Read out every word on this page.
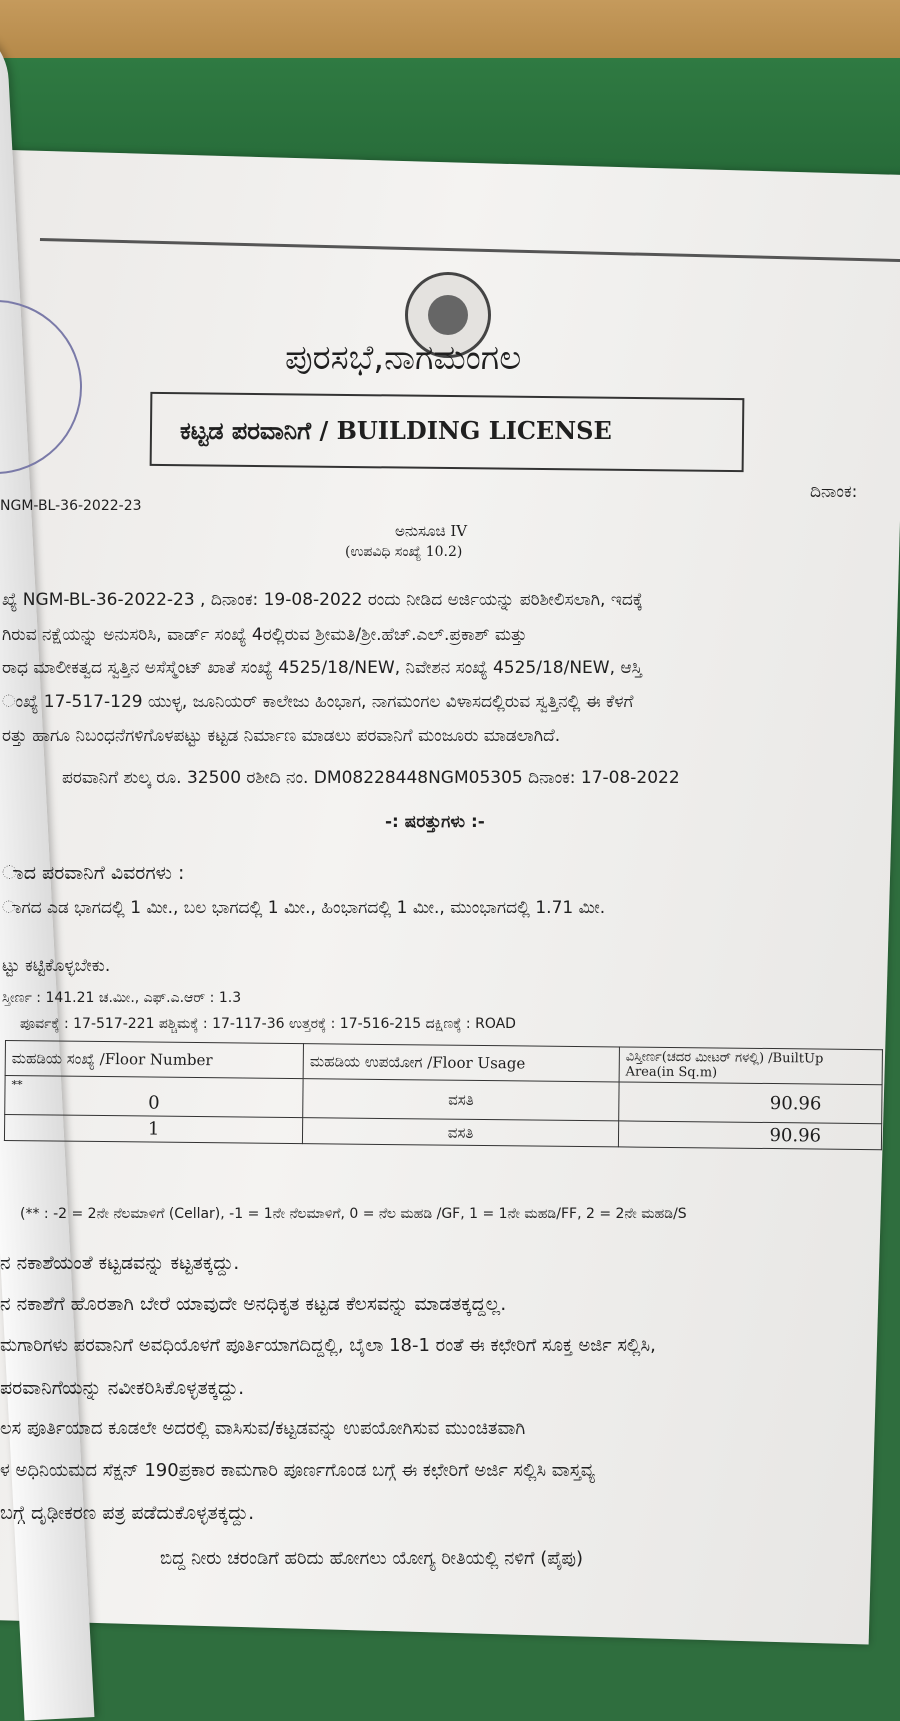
ಪುರಸಭೆ,ನಾಗಮಂಗಲ
ಕಟ್ಟಡ ಪರವಾನಿಗೆ / BUILDING LICENSE
ದಿನಾಂಕ:
NGM-BL-36-2022-23
ಅನುಸೂಚಿ IV
(ಉಪವಿಧಿ ಸಂಖ್ಯೆ 10.2)
ಖ್ಯೆ NGM-BL-36-2022-23 , ದಿನಾಂಕ: 19-08-2022 ರಂದು ನೀಡಿದ ಅರ್ಜಿಯನ್ನು ಪರಿಶೀಲಿಸಲಾಗಿ, ಇದಕ್ಕೆ
ಗಿರುವ ನಕ್ಷೆಯನ್ನು ಅನುಸರಿಸಿ, ವಾರ್ಡ್ ಸಂಖ್ಯೆ 4ರಲ್ಲಿರುವ ಶ್ರೀಮತಿ/ಶ್ರೀ.ಹೆಚ್.ಎಲ್.ಪ್ರಕಾಶ್ ಮತ್ತು
ರಾಧ ಮಾಲೀಕತ್ವದ ಸ್ವತ್ತಿನ ಅಸೆಸ್ಮೆಂಟ್ ಖಾತೆ ಸಂಖ್ಯೆ 4525/18/NEW, ನಿವೇಶನ ಸಂಖ್ಯೆ 4525/18/NEW, ಆಸ್ತಿ
ಂಖ್ಯೆ 17-517-129 ಯುಳ್ಳ, ಜೂನಿಯರ್ ಕಾಲೇಜು ಹಿಂಭಾಗ, ನಾಗಮಂಗಲ ವಿಳಾಸದಲ್ಲಿರುವ ಸ್ವತ್ತಿನಲ್ಲಿ ಈ ಕೆಳಗೆ
ರತ್ತು ಹಾಗೂ ನಿಬಂಧನೆಗಳಿಗೊಳಪಟ್ಟು ಕಟ್ಟಡ ನಿರ್ಮಾಣ ಮಾಡಲು ಪರವಾನಿಗೆ ಮಂಜೂರು ಮಾಡಲಾಗಿದೆ.
ಪರವಾನಿಗೆ ಶುಲ್ಕ ರೂ. 32500 ರಶೀದಿ ನಂ. DM08228448NGM05305 ದಿನಾಂಕ: 17-08-2022
-: ಷರತ್ತುಗಳು :-
ಾದ ಪರವಾನಿಗೆ ವಿವರಗಳು :
ಾಗದ ಎಡ ಭಾಗದಲ್ಲಿ 1 ಮೀ., ಬಲ ಭಾಗದಲ್ಲಿ 1 ಮೀ., ಹಿಂಭಾಗದಲ್ಲಿ 1 ಮೀ., ಮುಂಭಾಗದಲ್ಲಿ 1.71 ಮೀ.
ಟ್ಟು ಕಟ್ಟಿಕೊಳ್ಳಬೇಕು.
ಸ್ತೀರ್ಣ : 141.21 ಚ.ಮೀ., ಎಫ್.ಎ.ಆರ್ : 1.3
ಪೂರ್ವಕ್ಕೆ : 17-517-221 ಪಶ್ಚಿಮಕ್ಕೆ : 17-117-36 ಉತ್ತರಕ್ಕೆ : 17-516-215 ದಕ್ಷಿಣಕ್ಕೆ : ROAD
ಮಹಡಿಯ ಸಂಖ್ಯೆ /Floor Number	ಮಹಡಿಯ ಉಪಯೋಗ /Floor Usage	ವಿಸ್ತೀರ್ಣ(ಚದರ ಮೀಟರ್ ಗಳಲ್ಲಿ) /BuiltUp Area(in Sq.m)

**
0	ವಸತಿ	90.96
1	ವಸತಿ	90.96
(** : -2 = 2ನೇ ನೆಲಮಾಳಿಗೆ (Cellar), -1 = 1ನೇ ನೆಲಮಾಳಿಗೆ, 0 = ನೆಲ ಮಹಡಿ /GF, 1 = 1ನೇ ಮಹಡಿ/FF, 2 = 2ನೇ ಮಹಡಿ/S
ನ ನಕಾಶೆಯಂತೆ ಕಟ್ಟಡವನ್ನು ಕಟ್ಟತಕ್ಕದ್ದು.
ನ ನಕಾಶೆಗೆ ಹೊರತಾಗಿ ಬೇರೆ ಯಾವುದೇ ಅನಧಿಕೃತ ಕಟ್ಟಡ ಕೆಲಸವನ್ನು ಮಾಡತಕ್ಕದ್ದಲ್ಲ.
ಮಗಾರಿಗಳು ಪರವಾನಿಗೆ ಅವಧಿಯೊಳಗೆ ಪೂರ್ತಿಯಾಗದಿದ್ದಲ್ಲಿ, ಬೈಲಾ 18-1 ರಂತೆ ಈ ಕಛೇರಿಗೆ ಸೂಕ್ತ ಅರ್ಜಿ ಸಲ್ಲಿಸಿ,
ಪರವಾನಿಗೆಯನ್ನು ನವೀಕರಿಸಿಕೊಳ್ಳತಕ್ಕದ್ದು.
ಲಸ ಪೂರ್ತಿಯಾದ ಕೂಡಲೇ ಅದರಲ್ಲಿ ವಾಸಿಸುವ/ಕಟ್ಟಡವನ್ನು ಉಪಯೋಗಿಸುವ ಮುಂಚಿತವಾಗಿ
ಳ ಅಧಿನಿಯಮದ ಸೆಕ್ಷನ್ 190ಪ್ರಕಾರ ಕಾಮಗಾರಿ ಪೂರ್ಣಗೊಂಡ ಬಗ್ಗೆ ಈ ಕಛೇರಿಗೆ ಅರ್ಜಿ ಸಲ್ಲಿಸಿ ವಾಸ್ತವ್ಯ
ಬಗ್ಗೆ ದೃಢೀಕರಣ ಪತ್ರ ಪಡೆದುಕೊಳ್ಳತಕ್ಕದ್ದು.
ಬಿದ್ದ ನೀರು ಚರಂಡಿಗೆ ಹರಿದು ಹೋಗಲು ಯೋಗ್ಯ ರೀತಿಯಲ್ಲಿ ನಳಿಗೆ (ಪೈಪು)
